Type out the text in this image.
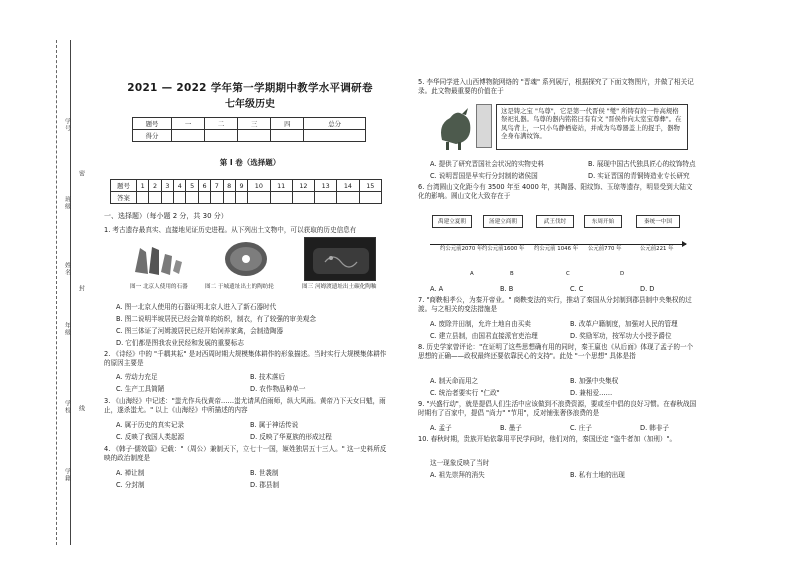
学号
班级
姓名
年级
学校
学籍
密
封
线
2021 — 2022 学年第一学期期中教学水平调研卷
七年级历史
题号	一	二	三	四	总分
得分					
第 I 卷（选择题）
题号	1	2	3	4	5	6	7	8	9	10	11	12	13	14	15
答案															
一、选择题）（每小题 2 分，共 30 分）
1. 考古遗存最真实、直接地见证历史进程。从下列出土文物中，可以获取的历史信息有
图一 北京人使用的石器	图二 于城遗址出土的陶纺轮	图三 河姆渡遗址出土碳化陶釉
A. 图一北京人使用的石器证明北京人进入了新石器时代
B. 图二说明半坡居民已经会简单的纺织，制衣，有了较强的审美观念
C. 图三体证了河姆渡居民已经开始饲养家禽，会制造陶器
D. 它们都是图我农业民经和发展的重要标志
2. 《诗经》中的 "千耦其耘" 是对西周时期大规模集体耕作的形象描述。当时实行大规模集体耕作的原因主要是
A. 劳动力充足	B. 技术落后
C. 生产工具简陋	D. 农作物品种单一
3. 《山海经》中记述："蚩尤作兵伐黄帝……蚩尤请风伯雨师，纵大风雨。黄帝乃下天女曰魃，雨止，遂杀蚩尤。" 以上《山海经》中所描述的内容
A. 属于历史的真实记录	B. 属于神话传说
C. 反映了我国人类起源	D. 反映了华夏族的形成过程
4. 《韩子·儒效篇》记载："（周公）兼制天下，立七十一国，姬姓独居五十三人。" 这一史料所反映的政治制度是
A. 禅让制	B. 世袭制
C. 分封制	D. 郡县制
5. 李华同学进入山西博物院网络的 "晋魂" 系列展厅，根据探究了下面文物图片，并做了相关记录。此文物最重要的价值在于
这是铸之宝 "鸟尊"，它是第一代晋侯 "燮" 所铸有的一件高规格祭祀礼器。鸟尊的器内铭铭曰有有文 "晋侯作向太室宝尊彝"。在凤鸟背上，一只小鸟静栖姿站，并成为鸟尊器盖上的捉手，器物全身布满纹饰。
A. 提供了研究晋国社会状况的实物史料	B. 展现中国古代独具匠心的纹饰特点
C. 说明晋国是早实行分封制的诸侯国	D. 实证晋国的青铜铸造业专长研究
6. 台湾圆山文化距今有 3500 年至 4000 年，其陶器、阳纹饰、玉琼等遗存，明显受到大陆文化的影响。圆山文化大致存在于
禹建立夏朝	汤建立商朝	武王伐纣	东周开始	秦统一中国
约公元前2070 年 约公元前1600 年 约公元前 1046 年 公元前770 年	公元前221 年
A	B	C	D
A. A	B. B	C. C	D. D
7. "商鞅相孝公，为秦开帝业。" 商鞅变法的实行，推动了秦国从分封制到郡县制中央集权的过渡。与之相关的变法措施是
A. 废除井田制，允许土地自由买卖	B. 改革户籍制度，加强对人民的管理
C. 建立县制，由国君直接派官吏治理	D. 奖励军功，按军功大小授予爵位
8. 历史学家曾评论："在证明了这些思想确有用的同时，秦王嬴也《从后面》体现了孟子的一个思想的正确——政权最终还要依靠民心的支持"。此处 "一个思想" 具体是指
A. 制天命而用之	B. 加强中央集权
C. 统治者要实行 "仁政"	D. 兼相爱……
9. "兴盛行动"，就是提倡人们生活中应该做到不浪费资源，要或至中倡的良好习惯。在春秋战国时期有了百家中，提倡 "尚力" "节用"，反对铺张奢侈浪费的是
A. 孟子	B. 墨子	C. 庄子	D. 韩非子
10. 春秋时期，贵族开始依靠用平民学问时，他们对的，秦国还定 "盗牛者加（加刑）"。
这一现象反映了当时
A. 祖先崇拜的消失	B. 私有土地的出现
